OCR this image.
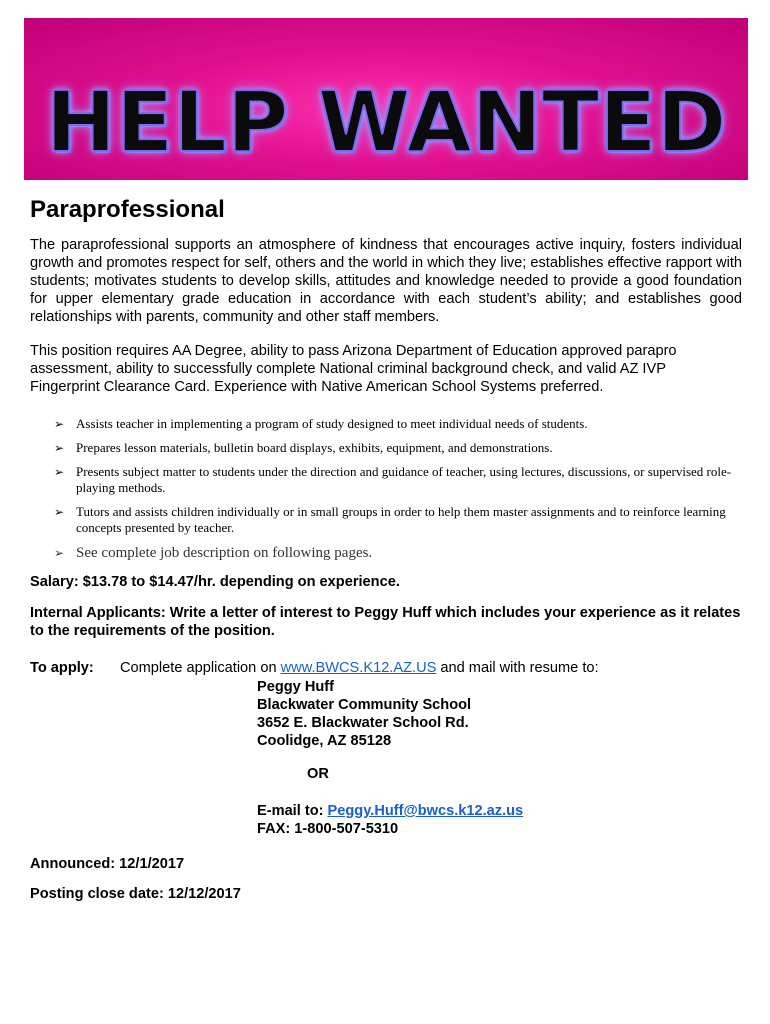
HELP WANTED
Paraprofessional

The paraprofessional supports an atmosphere of kindness that encourages active inquiry, fosters individual growth and promotes respect for self, others and the world in which they live; establishes effective rapport with students; motivates students to develop skills, attitudes and knowledge needed to provide a good foundation for upper elementary grade education in accordance with each student’s ability; and establishes good relationships with parents, community and other staff members.

This position requires AA Degree, ability to pass Arizona Department of Education approved parapro assessment, ability to successfully complete National criminal background check, and valid AZ IVP Fingerprint Clearance Card. Experience with Native American School Systems preferred.

➢ Assists teacher in implementing a program of study designed to meet individual needs of students.
➢ Prepares lesson materials, bulletin board displays, exhibits, equipment, and demonstrations.
➢ Presents subject matter to students under the direction and guidance of teacher, using lectures, discussions, or supervised role-playing methods.
➢ Tutors and assists children individually or in small groups in order to help them master assignments and to reinforce learning concepts presented by teacher.
➢ See complete job description on following pages.

Salary: $13.78 to $14.47/hr. depending on experience.

Internal Applicants: Write a letter of interest to Peggy Huff which includes your experience as it relates to the requirements of the position.

To apply: Complete application on www.BWCS.K12.AZ.US and mail with resume to:
Peggy Huff
Blackwater Community School
3652 E. Blackwater School Rd.
Coolidge, AZ 85128
OR
E-mail to: Peggy.Huff@bwcs.k12.az.us
FAX: 1-800-507-5310
Announced: 12/1/2017
Posting close date: 12/12/2017
